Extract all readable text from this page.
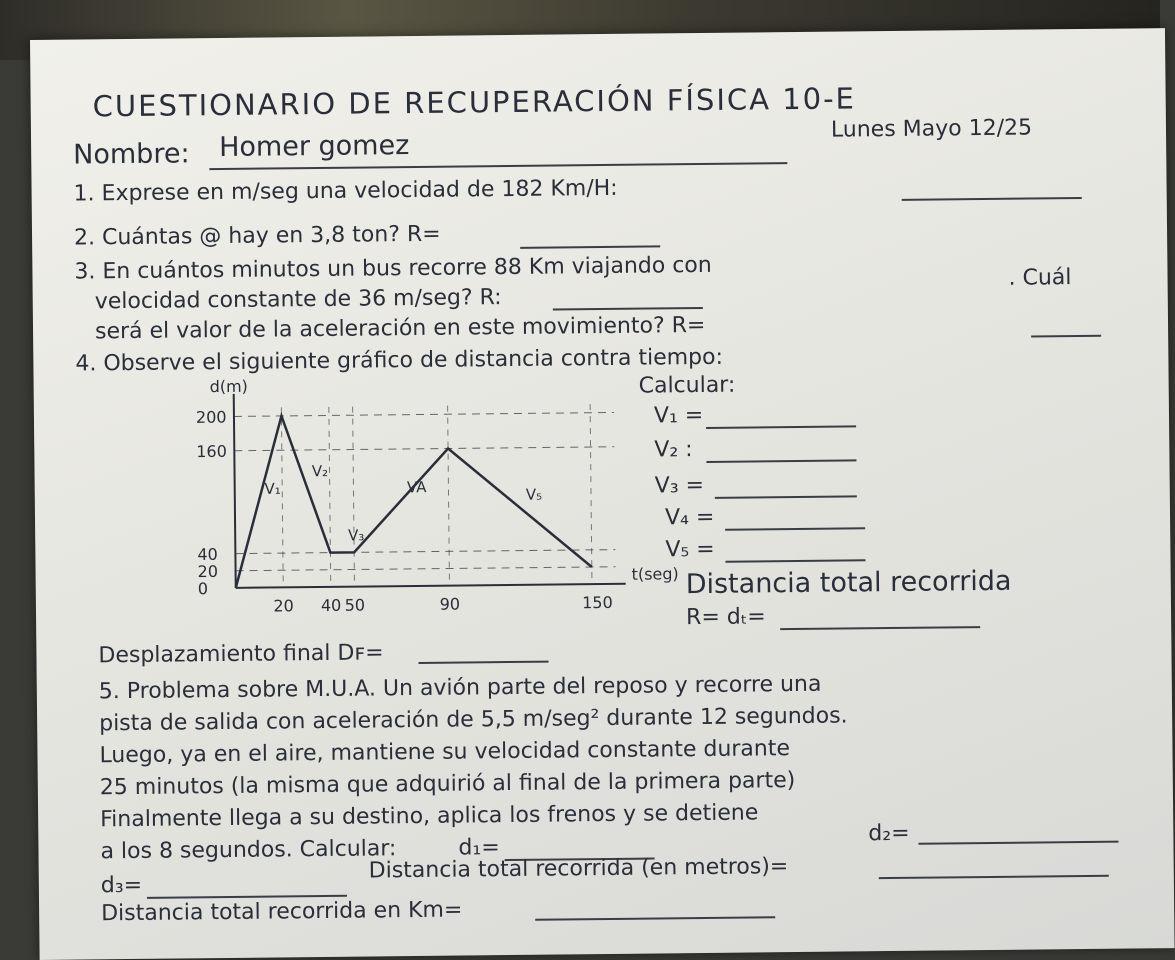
CUESTIONARIO DE RECUPERACIÓN FÍSICA 10-E
Nombre: Homer gomez
Lunes Mayo 12/25
1. Exprese en m/seg una velocidad de 182 Km/H:
2. Cuántas @ hay en 3,8 ton? R=
3. En cuántos minutos un bus recorre 88 Km viajando con
velocidad constante de 36 m/seg? R:
. Cuál
será el valor de la aceleración en este movimiento? R=
4. Observe el siguiente gráfico de distancia contra tiempo:
d(m)
t(seg)
0
20
40
160
200
20 40 50	90	150
V₁
V₂
V₃
VA	V₅
Calcular:
V₁ =
V₂ :
V₃ =
V₄ =
V₅ =
Distancia total recorrida
R= dₜ=
Desplazamiento final Dꜰ=
5. Problema sobre M.U.A. Un avión parte del reposo y recorre una
pista de salida con aceleración de 5,5 m/seg² durante 12 segundos.
Luego, ya en el aire, mantiene su velocidad constante durante
25 minutos (la misma que adquirió al final de la primera parte)
Finalmente llega a su destino, aplica los frenos y se detiene
a los 8 segundos. Calcular:	d₁=
d₂=
d₃=
Distancia total recorrida (en metros)=
Distancia total recorrida en Km=
